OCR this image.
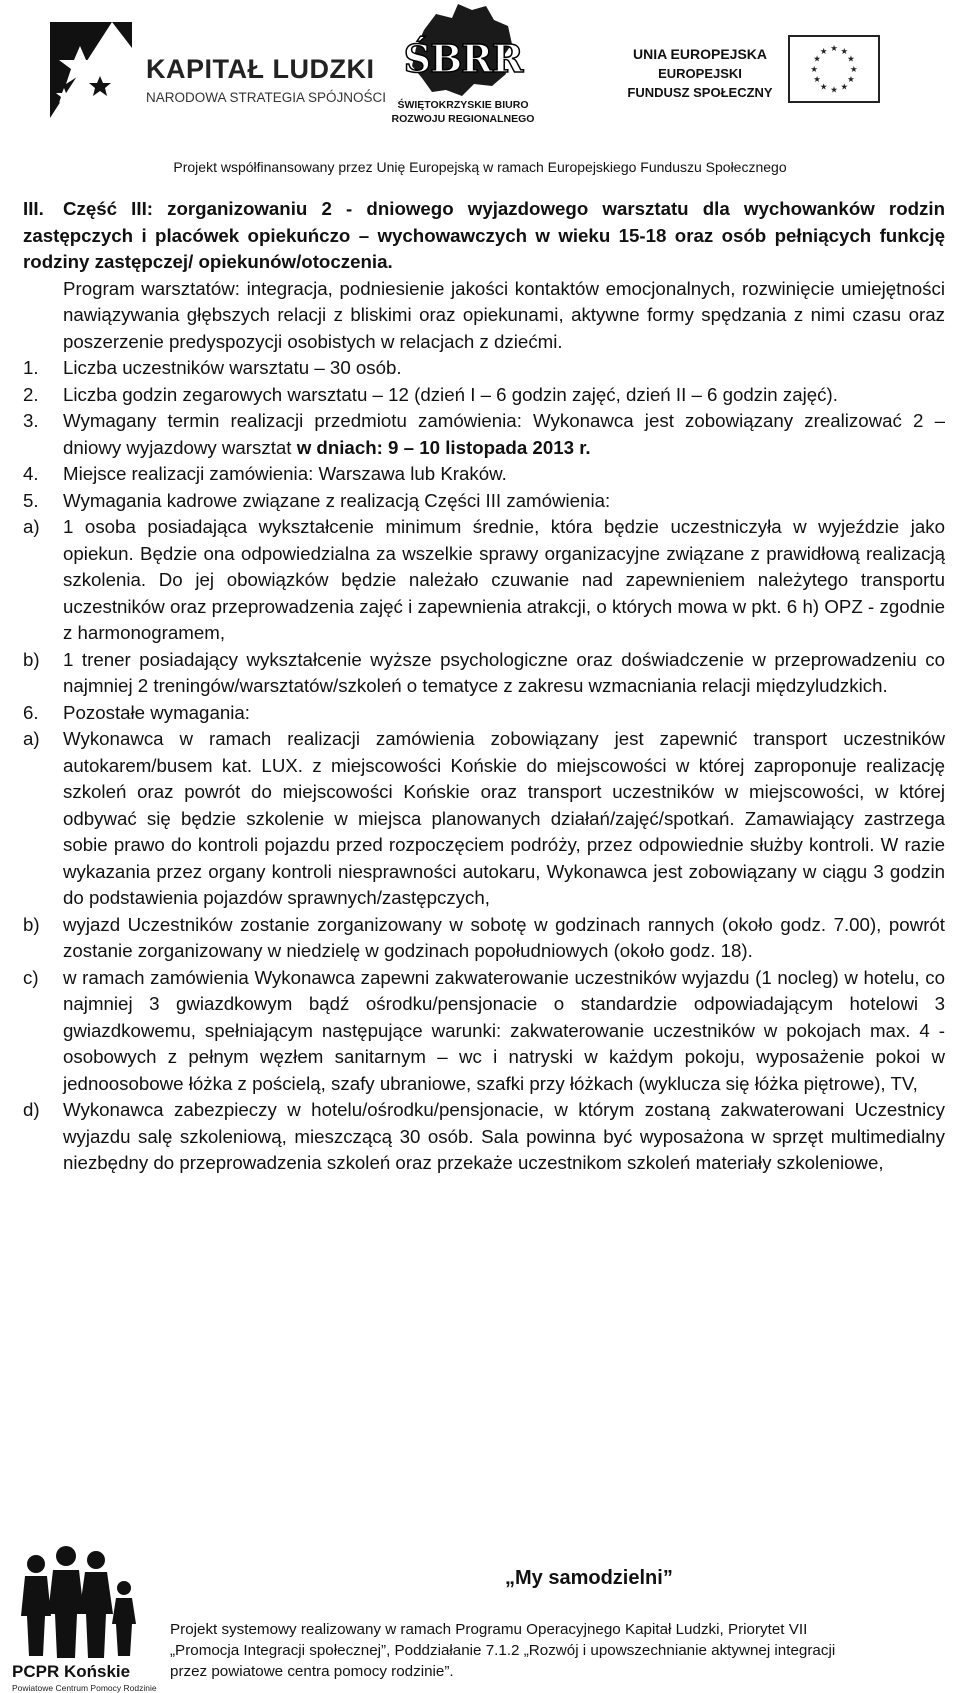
KAPITAŁ LUDZKI
NARODOWA STRATEGIA SPÓJNOŚCI
ŚBRR
ŚWIĘTOKRZYSKIE BIURO
ROZWOJU REGIONALNEGO
UNIA EUROPEJSKA
EUROPEJSKI
FUNDUSZ SPOŁECZNY
★ ★
★
★
★
★
★
★
★
★
★
★
Projekt współfinansowany przez Unię Europejską w ramach Europejskiego Funduszu Społecznego

III. Część III: zorganizowaniu 2 - dniowego wyjazdowego warsztatu dla wychowanków rodzin zastępczych i placówek opiekuńczo – wychowawczych w wieku 15-18 oraz osób pełniących funkcję rodziny zastępczej/ opiekunów/otoczenia.

Program warsztatów: integracja, podniesienie jakości kontaktów emocjonalnych, rozwinięcie umiejętności nawiązywania głębszych relacji z bliskimi oraz opiekunami, aktywne formy spędzania z nimi czasu oraz poszerzenie predyspozycji osobistych w relacjach z dziećmi.

1.	Liczba uczestników warsztatu – 30 osób.
2.	Liczba godzin zegarowych warsztatu – 12 (dzień I – 6 godzin zajęć, dzień II – 6 godzin zajęć).
3.	Wymagany termin realizacji przedmiotu zamówienia: Wykonawca jest zobowiązany zrealizować 2 – dniowy wyjazdowy warsztat w dniach: 9 – 10 listopada 2013 r.
4.	Miejsce realizacji zamówienia: Warszawa lub Kraków.
5.	Wymagania kadrowe związane z realizacją Części III zamówienia:
a)	1 osoba posiadająca wykształcenie minimum średnie, która będzie uczestniczyła w wyjeździe jako opiekun. Będzie ona odpowiedzialna za wszelkie sprawy organizacyjne związane z prawidłową realizacją szkolenia. Do jej obowiązków będzie należało czuwanie nad zapewnieniem należytego transportu uczestników oraz przeprowadzenia zajęć i zapewnienia atrakcji, o których mowa w pkt. 6 h) OPZ - zgodnie z harmonogramem,
b)	1 trener posiadający wykształcenie wyższe psychologiczne oraz doświadczenie w przeprowadzeniu co najmniej 2 treningów/warsztatów/szkoleń o tematyce z zakresu wzmacniania relacji międzyludzkich.
6.	Pozostałe wymagania:
a)	Wykonawca w ramach realizacji zamówienia zobowiązany jest zapewnić transport uczestników autokarem/busem kat. LUX. z miejscowości Końskie do miejscowości w której zaproponuje realizację szkoleń oraz powrót do miejscowości Końskie oraz transport uczestników w miejscowości, w której odbywać się będzie szkolenie w miejsca planowanych działań/zajęć/spotkań. Zamawiający zastrzega sobie prawo do kontroli pojazdu przed rozpoczęciem podróży, przez odpowiednie służby kontroli. W razie wykazania przez organy kontroli niesprawności autokaru, Wykonawca jest zobowiązany w ciągu 3 godzin do podstawienia pojazdów sprawnych/zastępczych,
b)	wyjazd Uczestników zostanie zorganizowany w sobotę w godzinach rannych (około godz. 7.00), powrót zostanie zorganizowany w niedzielę w godzinach popołudniowych (około godz. 18).
c)	w ramach zamówienia Wykonawca zapewni zakwaterowanie uczestników wyjazdu (1 nocleg) w hotelu, co najmniej 3 gwiazdkowym bądź ośrodku/pensjonacie o standardzie odpowiadającym hotelowi 3 gwiazdkowemu, spełniającym następujące warunki: zakwaterowanie uczestników w pokojach max. 4 - osobowych z pełnym węzłem sanitarnym – wc i natryski w każdym pokoju, wyposażenie pokoi w jednoosobowe łóżka z pościelą, szafy ubraniowe, szafki przy łóżkach (wyklucza się łóżka piętrowe), TV,
d)	Wykonawca zabezpieczy w hotelu/ośrodku/pensjonacie, w którym zostaną zakwaterowani Uczestnicy wyjazdu salę szkoleniową, mieszczącą 30 osób. Sala powinna być wyposażona w sprzęt multimedialny niezbędny do przeprowadzenia szkoleń oraz przekaże uczestnikom szkoleń materiały szkoleniowe,
PCPR Końskie
Powiatowe Centrum Pomocy Rodzinie
„My samodzielni”
Projekt systemowy realizowany w ramach Programu Operacyjnego Kapitał Ludzki, Priorytet VII
„Promocja Integracji społecznej”, Poddziałanie 7.1.2 „Rozwój i upowszechnianie aktywnej integracji
przez powiatowe centra pomocy rodzinie”.
